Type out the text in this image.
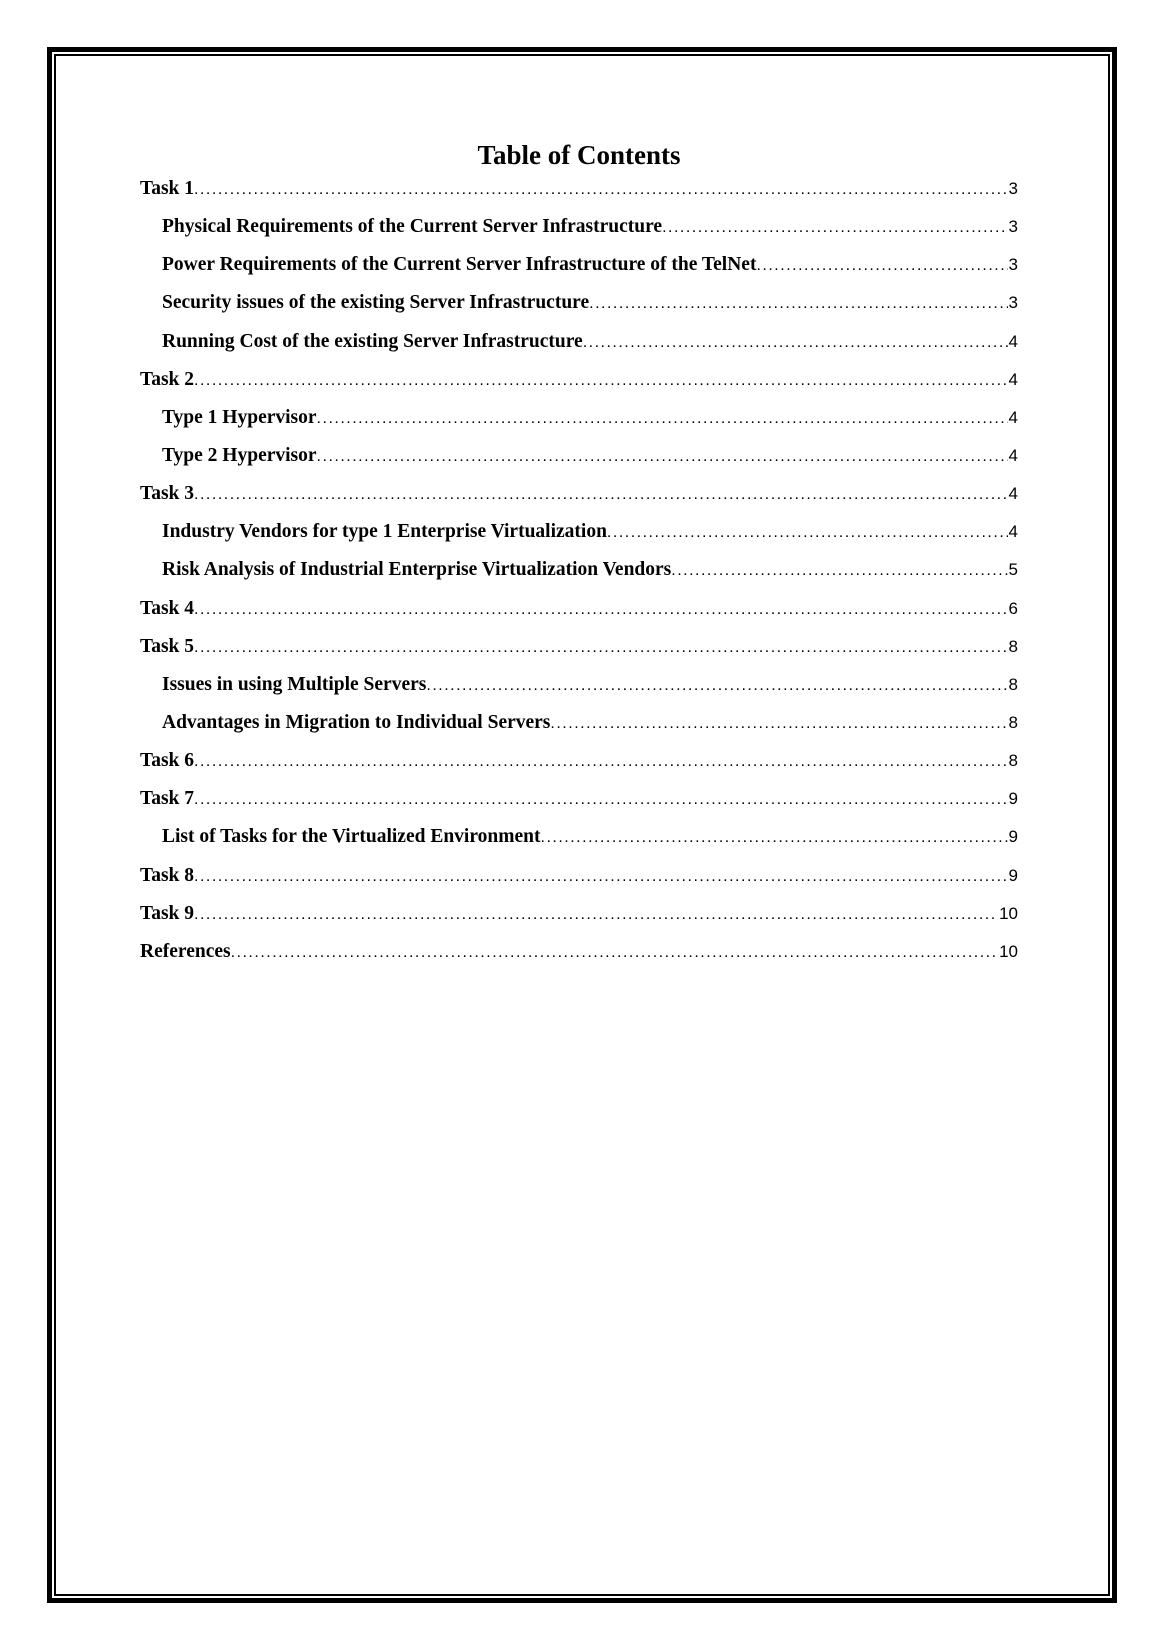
Table of Contents
Task 1 .....	3
Physical Requirements of the Current Server Infrastructure .....	3
Power Requirements of the Current Server Infrastructure of the TelNet .....	3
Security issues of the existing Server Infrastructure .....	3
Running Cost of the existing Server Infrastructure .....	4
Task 2 .....	4
Type 1 Hypervisor .....	4
Type 2 Hypervisor .....	4
Task 3 .....	4
Industry Vendors for type 1 Enterprise Virtualization .....	4
Risk Analysis of Industrial Enterprise Virtualization Vendors .....	5
Task 4 .....	6
Task 5 .....	8
Issues in using Multiple Servers .....	8
Advantages in Migration to Individual Servers .....	8
Task 6 .....	8
Task 7 .....	9
List of Tasks for the Virtualized Environment .....	9
Task 8 .....	9
Task 9 .....	10
References .....	10
